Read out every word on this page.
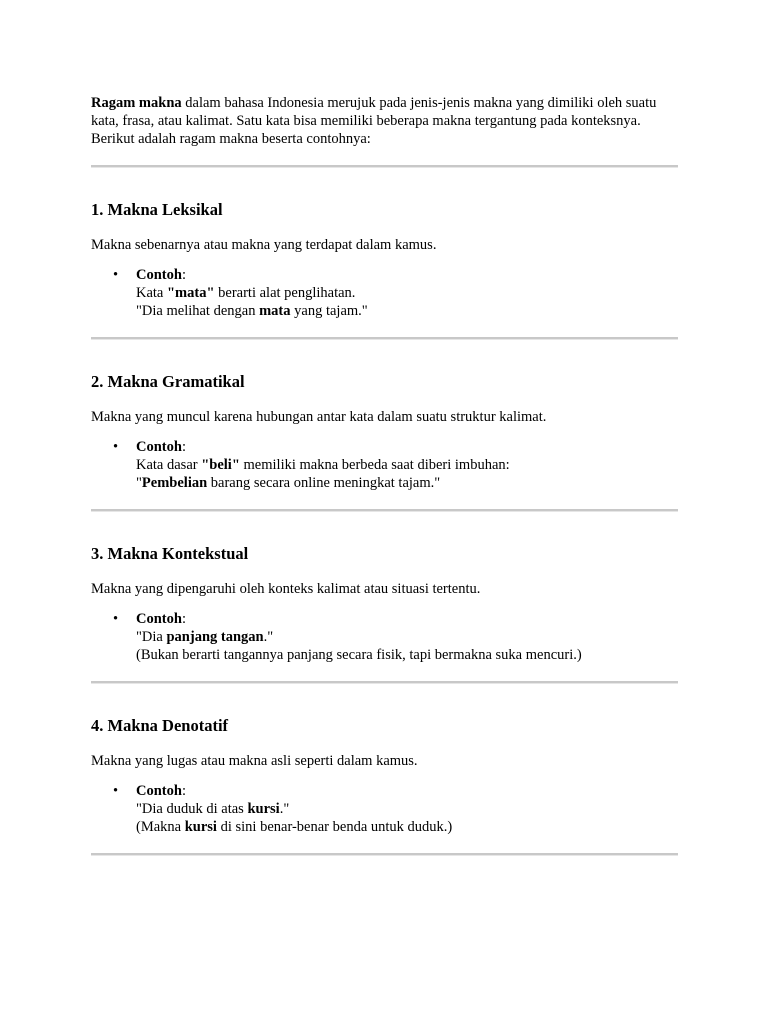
Ragam makna dalam bahasa Indonesia merujuk pada jenis-jenis makna yang dimiliki oleh suatu kata, frasa, atau kalimat. Satu kata bisa memiliki beberapa makna tergantung pada konteksnya. Berikut adalah ragam makna beserta contohnya:

1. Makna Leksikal

Makna sebenarnya atau makna yang terdapat dalam kamus.

• Contoh:
Kata "mata" berarti alat penglihatan.
"Dia melihat dengan mata yang tajam."
2. Makna Gramatikal

Makna yang muncul karena hubungan antar kata dalam suatu struktur kalimat.

• Contoh:
Kata dasar "beli" memiliki makna berbeda saat diberi imbuhan:
"Pembelian barang secara online meningkat tajam."
3. Makna Kontekstual

Makna yang dipengaruhi oleh konteks kalimat atau situasi tertentu.

• Contoh:
"Dia panjang tangan."
(Bukan berarti tangannya panjang secara fisik, tapi bermakna suka mencuri.)
4. Makna Denotatif

Makna yang lugas atau makna asli seperti dalam kamus.

• Contoh:
"Dia duduk di atas kursi."
(Makna kursi di sini benar-benar benda untuk duduk.)
